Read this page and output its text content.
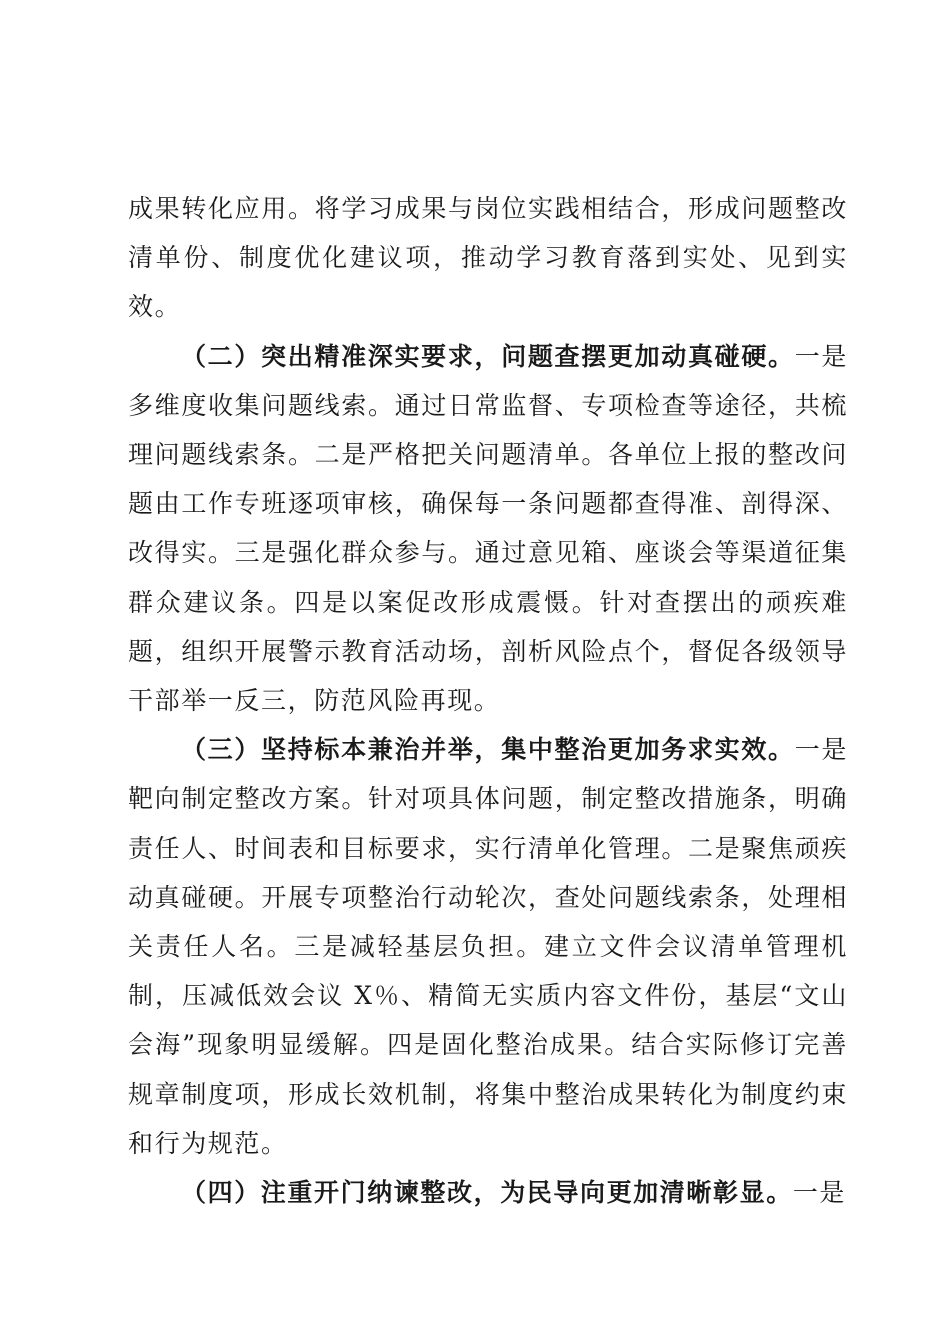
成果转化应用。将学习成果与岗位实践相结合，形成问题整改清单份、制度优化建议项，推动学习教育落到实处、见到实效。

（二）突出精准深实要求，问题查摆更加动真碰硬。一是多维度收集问题线索。通过日常监督、专项检查等途径，共梳理问题线索条。二是严格把关问题清单。各单位上报的整改问题由工作专班逐项审核，确保每一条问题都查得准、剖得深、改得实。三是强化群众参与。通过意见箱、座谈会等渠道征集群众建议条。四是以案促改形成震慑。针对查摆出的顽疾难题，组织开展警示教育活动场，剖析风险点个，督促各级领导干部举一反三，防范风险再现。

（三）坚持标本兼治并举，集中整治更加务求实效。一是靶向制定整改方案。针对项具体问题，制定整改措施条，明确责任人、时间表和目标要求，实行清单化管理。二是聚焦顽疾动真碰硬。开展专项整治行动轮次，查处问题线索条，处理相关责任人名。三是减轻基层负担。建立文件会议清单管理机制，压减低效会议 X％、精简无实质内容文件份，基层“文山会海”现象明显缓解。四是固化整治成果。结合实际修订完善规章制度项，形成长效机制，将集中整治成果转化为制度约束和行为规范。

（四）注重开门纳谏整改，为民导向更加清晰彰显。一是
